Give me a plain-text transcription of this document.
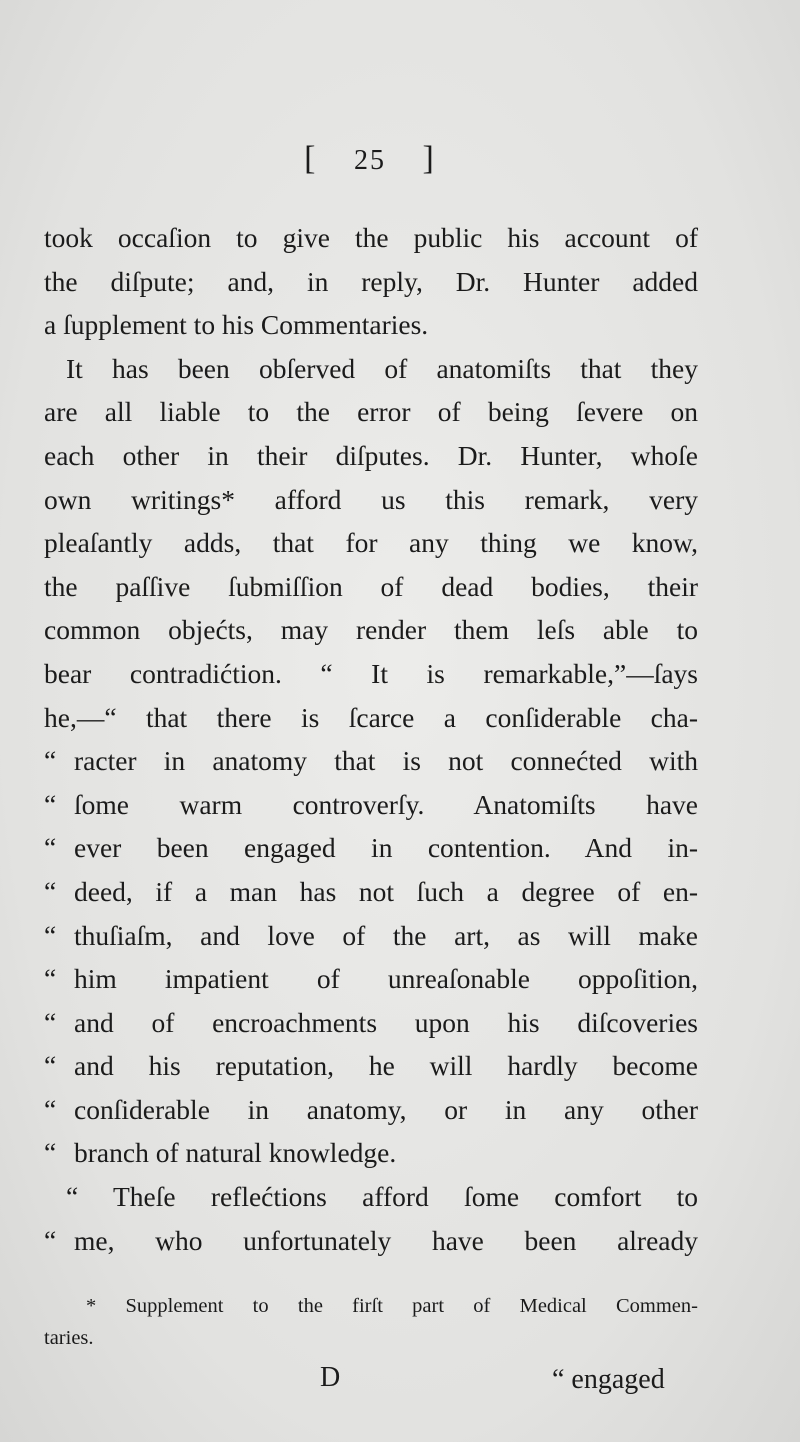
[ 25 ]
took occaſion to give the public his account of
the diſpute; and, in reply, Dr. Hunter added
a ſupplement to his Commentaries.
It has been obſerved of anatomiſts that they
are all liable to the error of being ſevere on
each other in their diſputes. Dr. Hunter, whoſe
own writings* afford us this remark, very
pleaſantly adds, that for any thing we know,
the paſſive ſubmiſſion of dead bodies, their
common objećts, may render them leſs able to
bear contradićtion. “ It is remarkable,”—ſays
he,—“ that there is ſcarce a conſiderable cha-
“ racter in anatomy that is not connećted with
“ ſome warm controverſy. Anatomiſts have
“ ever been engaged in contention. And in-
“ deed, if a man has not ſuch a degree of en-
“ thuſiaſm, and love of the art, as will make
“ him impatient of unreaſonable oppoſition,
“ and of encroachments upon his diſcoveries
“ and his reputation, he will hardly become
“ conſiderable in anatomy, or in any other
“ branch of natural knowledge.
“ Theſe reflećtions afford ſome comfort to
“ me, who unfortunately have been already
* Supplement to the firſt part of Medical Commen-
taries.
D	“ engaged
